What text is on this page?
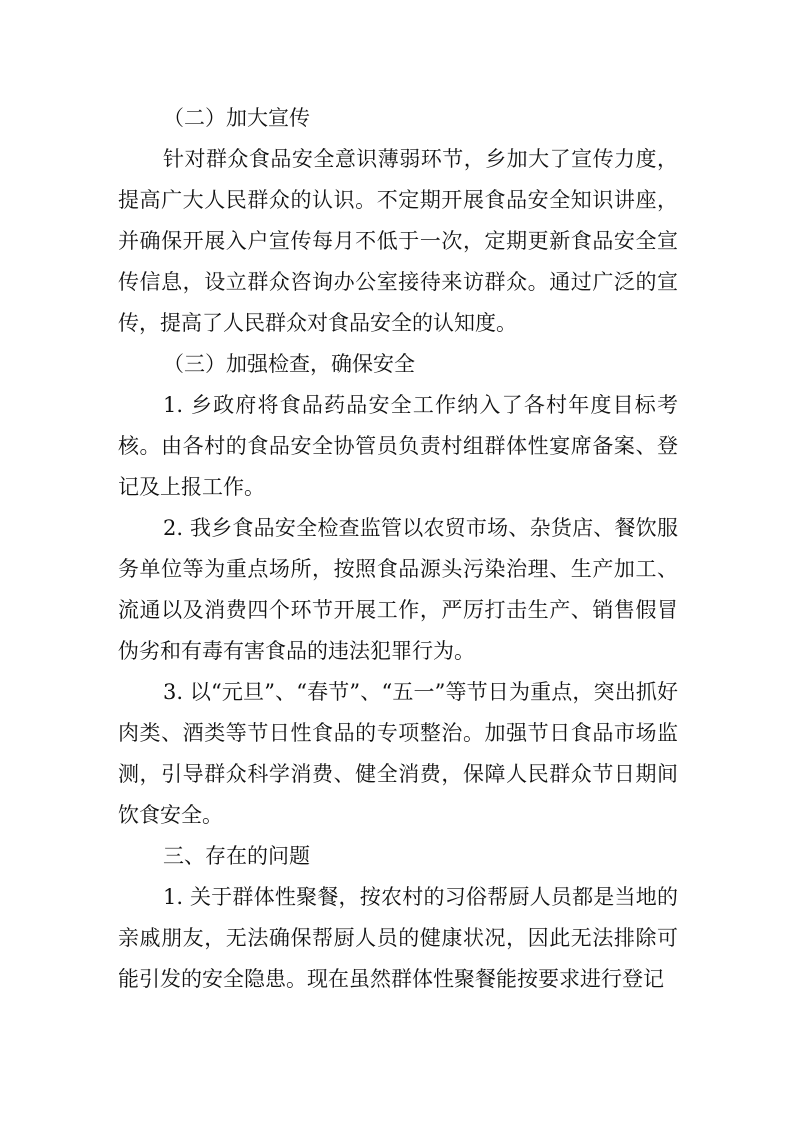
（二）加大宣传

针对群众食品安全意识薄弱环节，乡加大了宣传力度，提高广大人民群众的认识。不定期开展食品安全知识讲座，并确保开展入户宣传每月不低于一次，定期更新食品安全宣传信息，设立群众咨询办公室接待来访群众。通过广泛的宣传，提高了人民群众对食品安全的认知度。

（三）加强检查，确保安全

1. 乡政府将食品药品安全工作纳入了各村年度目标考核。由各村的食品安全协管员负责村组群体性宴席备案、登记及上报工作。

2. 我乡食品安全检查监管以农贸市场、杂货店、餐饮服务单位等为重点场所，按照食品源头污染治理、生产加工、流通以及消费四个环节开展工作，严厉打击生产、销售假冒伪劣和有毒有害食品的违法犯罪行为。

3. 以“元旦”、“春节”、“五一”等节日为重点，突出抓好肉类、酒类等节日性食品的专项整治。加强节日食品市场监测，引导群众科学消费、健全消费，保障人民群众节日期间饮食安全。

三、存在的问题

1. 关于群体性聚餐，按农村的习俗帮厨人员都是当地的亲戚朋友，无法确保帮厨人员的健康状况，因此无法排除可能引发的安全隐患。现在虽然群体性聚餐能按要求进行登记
